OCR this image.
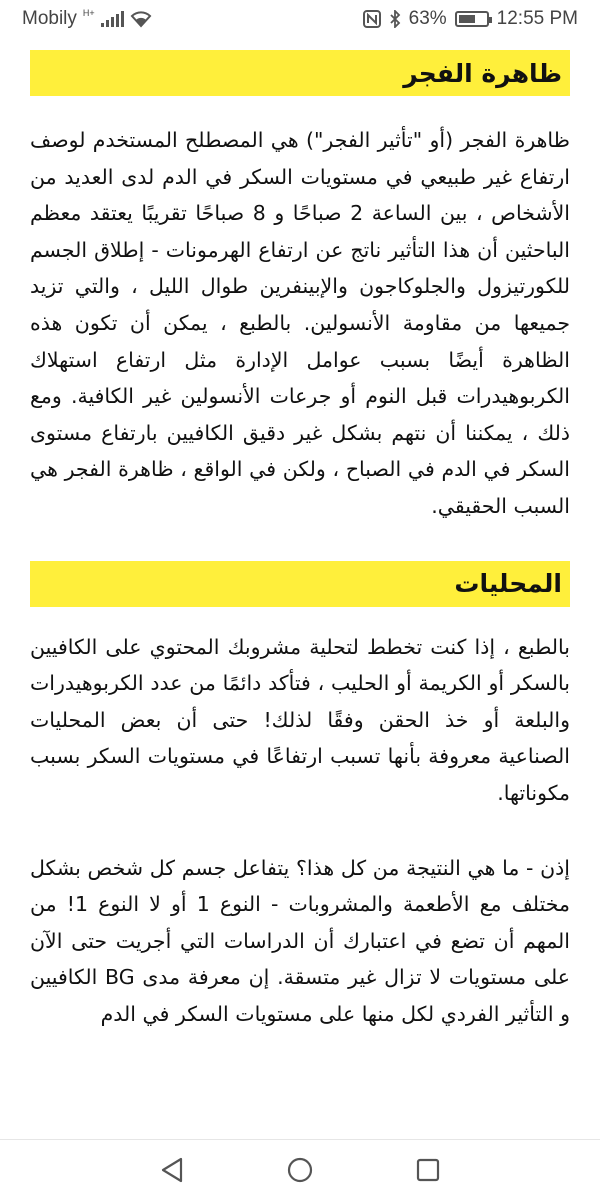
Mobily H+	63%	12:55 PM
ظاهرة الفجر
ظاهرة الفجر (أو "تأثير الفجر") هي المصطلح المستخدم لوصف ارتفاع غير طبيعي في مستويات السكر في الدم لدى العديد من الأشخاص ، بين الساعة 2 صباحًا و 8 صباحًا تقريبًا يعتقد معظم الباحثين أن هذا التأثير ناتج عن ارتفاع الهرمونات - إطلاق الجسم للكورتيزول والجلوكاجون والإبينفرين طوال الليل ، والتي تزيد جميعها من مقاومة الأنسولين. بالطبع ، يمكن أن تكون هذه الظاهرة أيضًا بسبب عوامل الإدارة مثل ارتفاع استهلاك الكربوهيدرات قبل النوم أو جرعات الأنسولين غير الكافية. ومع ذلك ، يمكننا أن نتهم بشكل غير دقيق الكافيين بارتفاع مستوى السكر في الدم في الصباح ، ولكن في الواقع ، ظاهرة الفجر هي السبب الحقيقي.
المحليات
بالطبع ، إذا كنت تخطط لتحلية مشروبك المحتوي على الكافيين بالسكر أو الكريمة أو الحليب ، فتأكد دائمًا من عدد الكربوهيدرات والبلعة أو خذ الحقن وفقًا لذلك! حتى أن بعض المحليات الصناعية معروفة بأنها تسبب ارتفاعًا في مستويات السكر بسبب مكوناتها.
إذن - ما هي النتيجة من كل هذا؟ يتفاعل جسم كل شخص بشكل مختلف مع الأطعمة والمشروبات - النوع 1 أو لا النوع 1! من المهم أن تضع في اعتبارك أن الدراسات التي أجريت حتى الآن على مستويات لا تزال غير متسقة. إن معرفة مدى BG الكافيين و التأثير الفردي لكل منها على مستويات السكر في الدم
